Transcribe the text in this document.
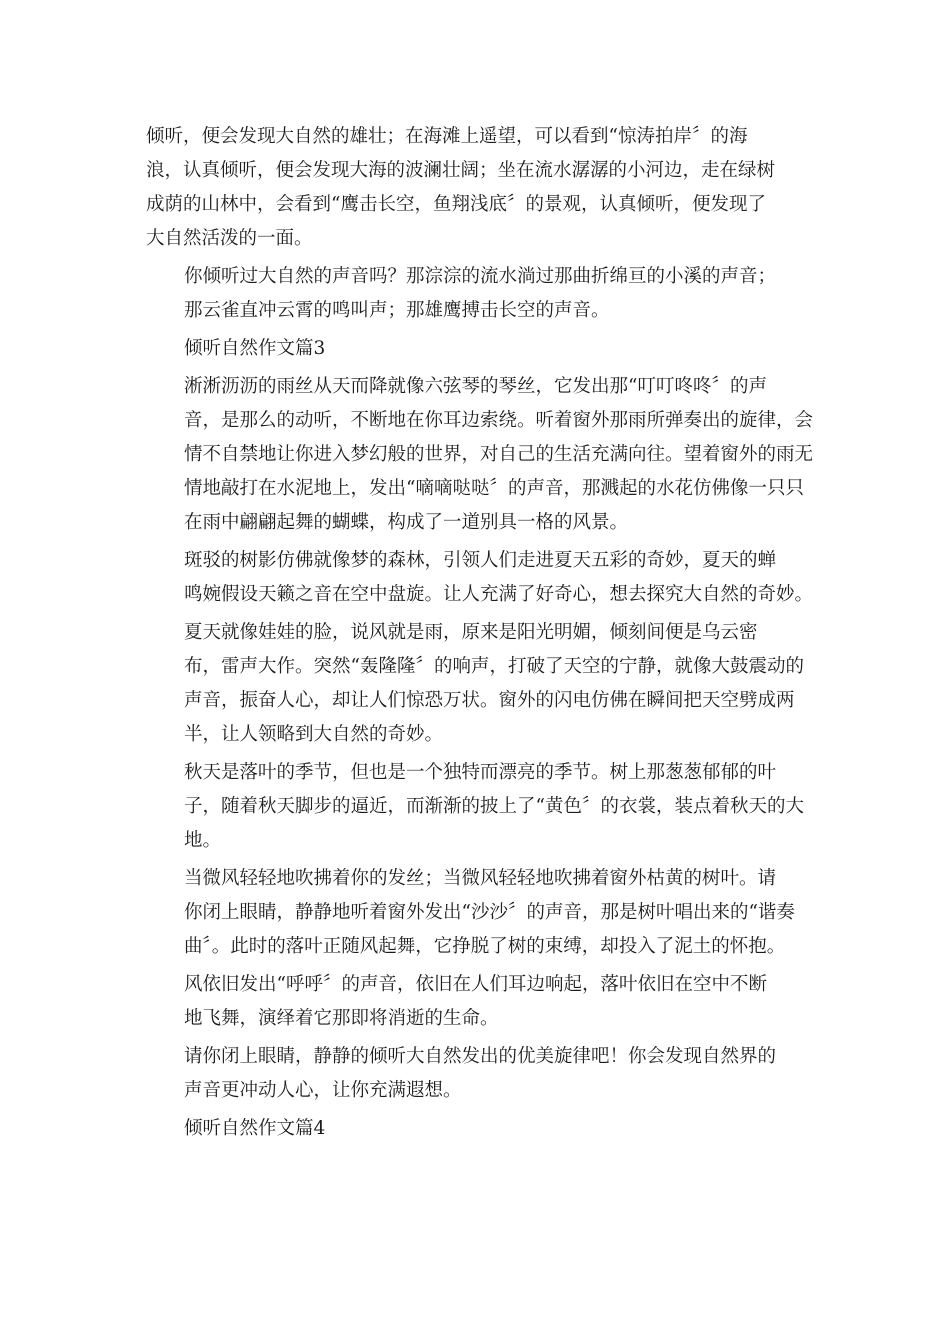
倾听，便会发现大自然的雄壮；在海滩上遥望，可以看到“惊涛拍岸〞的海
浪，认真倾听，便会发现大海的波澜壮阔；坐在流水潺潺的小河边，走在绿树
成荫的山林中，会看到“鹰击长空，鱼翔浅底〞的景观，认真倾听，便发现了
大自然活泼的一面。
你倾听过大自然的声音吗？那淙淙的流水淌过那曲折绵亘的小溪的声音；
那云雀直冲云霄的鸣叫声；那雄鹰搏击长空的声音。
倾听自然作文篇3
淅淅沥沥的雨丝从天而降就像六弦琴的琴丝，它发出那“叮叮咚咚〞的声
音，是那么的动听，不断地在你耳边索绕。听着窗外那雨所弹奏出的旋律，会
情不自禁地让你进入梦幻般的世界，对自己的生活充满向往。望着窗外的雨无
情地敲打在水泥地上，发出“嘀嘀哒哒〞的声音，那溅起的水花仿佛像一只只
在雨中翩翩起舞的蝴蝶，构成了一道别具一格的风景。
斑驳的树影仿佛就像梦的森林，引领人们走进夏天五彩的奇妙，夏天的蝉
鸣婉假设天籁之音在空中盘旋。让人充满了好奇心，想去探究大自然的奇妙。
夏天就像娃娃的脸，说风就是雨，原来是阳光明媚，倾刻间便是乌云密
布，雷声大作。突然“轰隆隆〞的响声，打破了天空的宁静，就像大鼓震动的
声音，振奋人心，却让人们惊恐万状。窗外的闪电仿佛在瞬间把天空劈成两
半，让人领略到大自然的奇妙。
秋天是落叶的季节，但也是一个独特而漂亮的季节。树上那葱葱郁郁的叶
子，随着秋天脚步的逼近，而渐渐的披上了“黄色〞的衣裳，装点着秋天的大
地。
当微风轻轻地吹拂着你的发丝；当微风轻轻地吹拂着窗外枯黄的树叶。请
你闭上眼睛，静静地听着窗外发出“沙沙〞的声音，那是树叶唱出来的“谐奏
曲〞。此时的落叶正随风起舞，它挣脱了树的束缚，却投入了泥土的怀抱。
风依旧发出“呼呼〞的声音，依旧在人们耳边响起，落叶依旧在空中不断
地飞舞，演绎着它那即将消逝的生命。
请你闭上眼睛，静静的倾听大自然发出的优美旋律吧！你会发现自然界的
声音更冲动人心，让你充满遐想。
倾听自然作文篇4
